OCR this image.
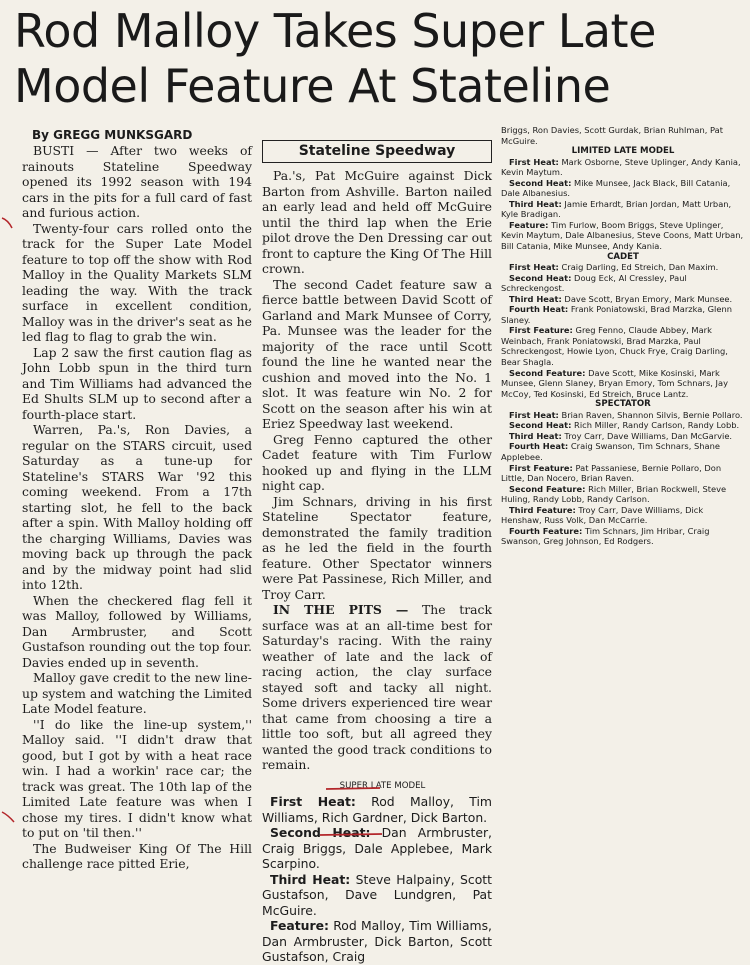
Rod Malloy Takes Super Late
Model Feature At Stateline
By GREGG MUNKSGARD

BUSTI — After two weeks of rainouts Stateline Speedway opened its 1992 season with 194 cars in the pits for a full card of fast and furious action.

Twenty-four cars rolled onto the track for the Super Late Model feature to top off the show with Rod Malloy in the Quality Markets SLM leading the way. With the track surface in excellent condition, Malloy was in the driver's seat as he led flag to flag to grab the win.

Lap 2 saw the first caution flag as John Lobb spun in the third turn and Tim Williams had advanced the Ed Shults SLM up to second after a fourth-place start.

Warren, Pa.'s, Ron Davies, a regular on the STARS circuit, used Saturday as a tune-up for Stateline's STARS War '92 this coming weekend. From a 17th starting slot, he fell to the back after a spin. With Malloy holding off the charging Williams, Davies was moving back up through the pack and by the midway point had slid into 12th.

When the checkered flag fell it was Malloy, followed by Williams, Dan Armbruster, and Scott Gustafson rounding out the top four. Davies ended up in seventh.

Malloy gave credit to the new line-up system and watching the Limited Late Model feature.

''I do like the line-up system,'' Malloy said. ''I didn't draw that good, but I got by with a heat race win. I had a workin' race car; the track was great. The 10th lap of the Limited Late feature was when I chose my tires. I didn't know what to put on 'til then.''

The Budweiser King Of The Hill challenge race pitted Erie,

Stateline Speedway

Pa.'s, Pat McGuire against Dick Barton from Ashville. Barton nailed an early lead and held off McGuire until the third lap when the Erie pilot drove the Den Dressing car out front to capture the King Of The Hill crown.

The second Cadet feature saw a fierce battle between David Scott of Garland and Mark Munsee of Corry, Pa. Munsee was the leader for the majority of the race until Scott found the line he wanted near the cushion and moved into the No. 1 slot. It was feature win No. 2 for Scott on the season after his win at Eriez Speedway last weekend.

Greg Fenno captured the other Cadet feature with Tim Furlow hooked up and flying in the LLM night cap.

Jim Schnars, driving in his first Stateline Spectator feature, demonstrated the family tradition as he led the field in the fourth feature. Other Spectator winners were Pat Passinese, Rich Miller, and Troy Carr.

IN THE PITS — The track surface was at an all-time best for Saturday's racing. With the rainy weather of late and the lack of racing action, the clay surface stayed soft and tacky all night. Some drivers experienced tire wear that came from choosing a tire a little too soft, but all agreed they wanted the good track conditions to remain.

SUPER LATE MODEL

First Heat: Rod Malloy, Tim Williams, Rich Gardner, Dick Barton.

Second Heat: Dan Armbruster, Craig Briggs, Dale Applebee, Mark Scarpino.

Third Heat: Steve Halpainy, Scott Gustafson, Dave Lundgren, Pat McGuire.

Feature: Rod Malloy, Tim Williams, Dan Armbruster, Dick Barton, Scott Gustafson, Craig

Briggs, Ron Davies, Scott Gurdak, Brian Ruhlman, Pat McGuire.

LIMITED LATE MODEL

First Heat: Mark Osborne, Steve Uplinger, Andy Kania, Kevin Maytum.

Second Heat: Mike Munsee, Jack Black, Bill Catania, Dale Albanesius.

Third Heat: Jamie Erhardt, Brian Jordan, Matt Urban, Kyle Bradigan.

Feature: Tim Furlow, Boom Briggs, Steve Uplinger, Kevin Maytum, Dale Albanesius, Steve Coons, Matt Urban, Bill Catania, Mike Munsee, Andy Kania.

CADET

First Heat: Craig Darling, Ed Streich, Dan Maxim.

Second Heat: Doug Eck, Al Cressley, Paul Schreckengost.

Third Heat: Dave Scott, Bryan Emory, Mark Munsee.

Fourth Heat: Frank Poniatowski, Brad Marzka, Glenn Slaney.

First Feature: Greg Fenno, Claude Abbey, Mark Weinbach, Frank Poniatowski, Brad Marzka, Paul Schreckengost, Howie Lyon, Chuck Frye, Craig Darling, Bear Shagla.

Second Feature: Dave Scott, Mike Kosinski, Mark Munsee, Glenn Slaney, Bryan Emory, Tom Schnars, Jay McCoy, Ted Kosinski, Ed Streich, Bruce Lantz.

SPECTATOR

First Heat: Brian Raven, Shannon Silvis, Bernie Pollaro.

Second Heat: Rich Miller, Randy Carlson, Randy Lobb.

Third Heat: Troy Carr, Dave Williams, Dan McGarvie.

Fourth Heat: Craig Swanson, Tim Schnars, Shane Applebee.

First Feature: Pat Passaniese, Bernie Pollaro, Don Little, Dan Nocero, Brian Raven.

Second Feature: Rich Miller, Brian Rockwell, Steve Huling, Randy Lobb, Randy Carlson.

Third Feature: Troy Carr, Dave Williams, Dick Henshaw, Russ Volk, Dan McCarrie.

Fourth Feature: Tim Schnars, Jim Hribar, Craig Swanson, Greg Johnson, Ed Rodgers.
